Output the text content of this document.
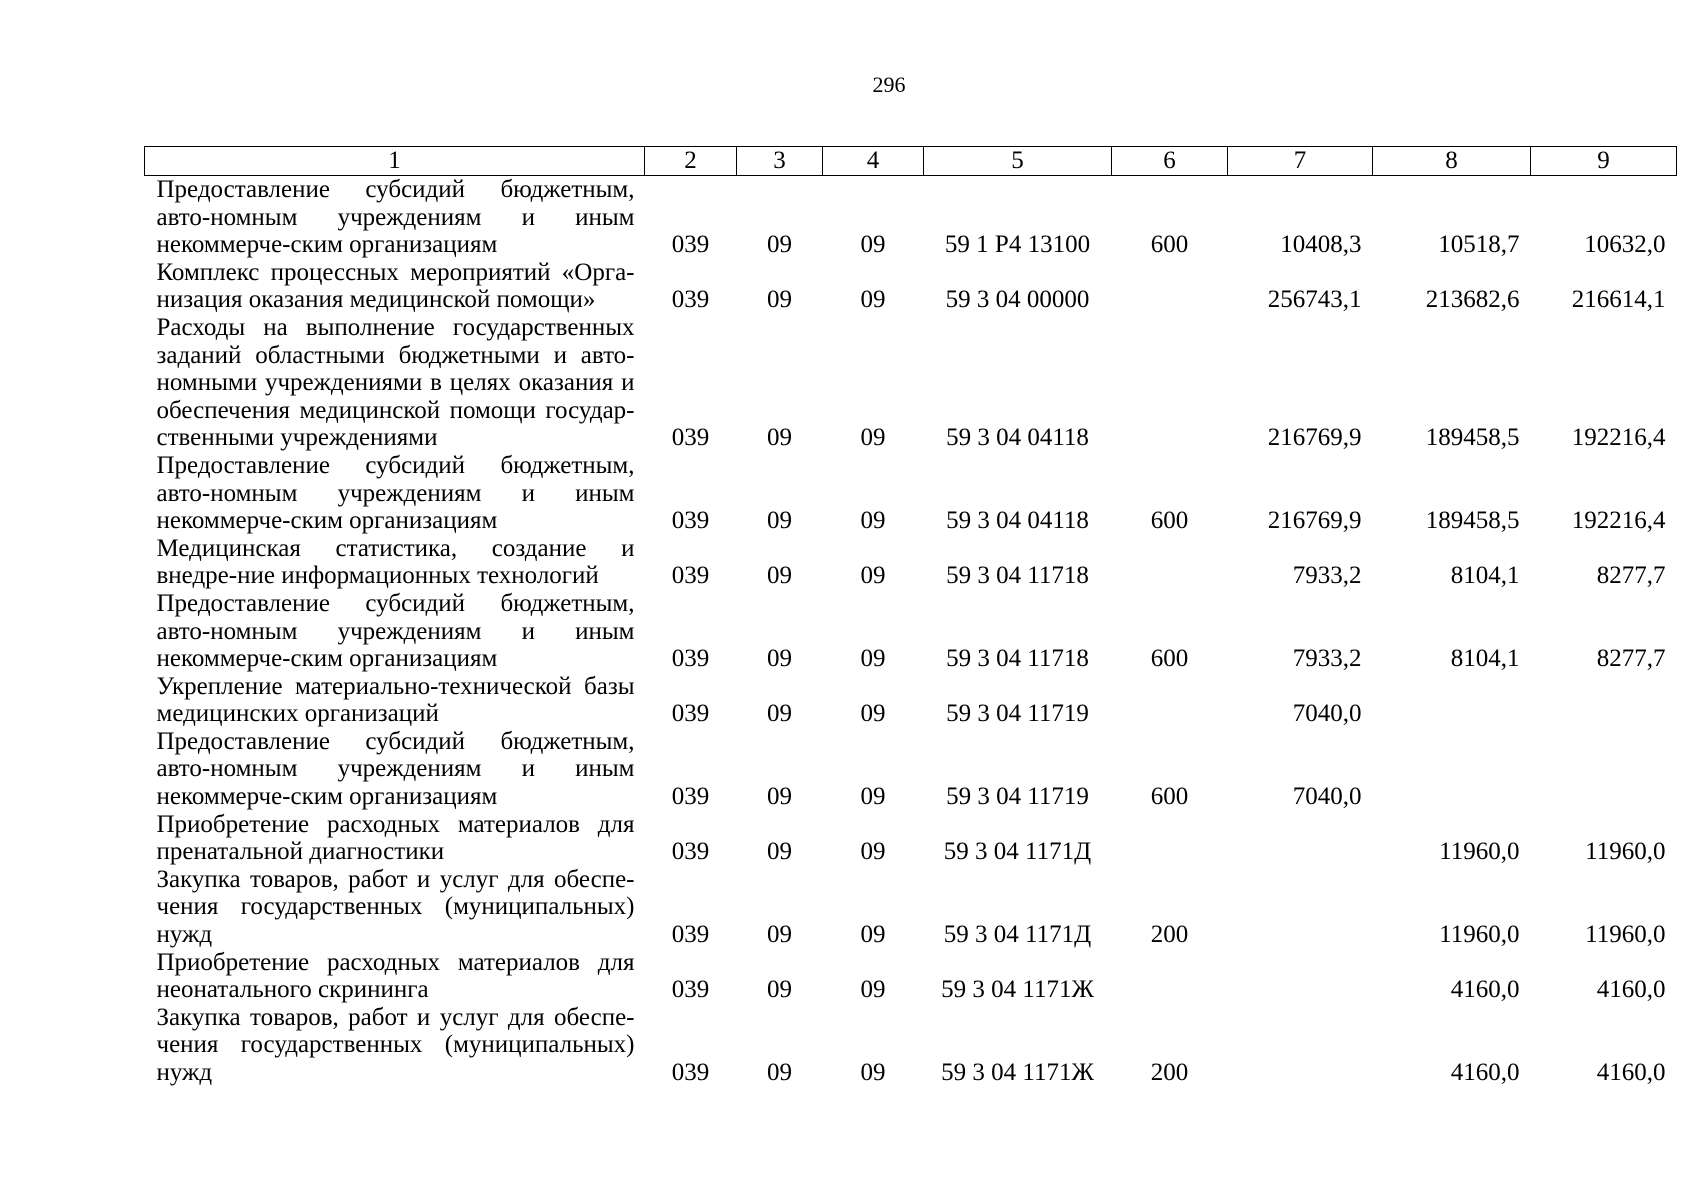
296
1	2	3	4	5	6	7	8	9
Предоставление субсидий бюджетным, авто-номным учреждениям и иным некоммерче-ским организациям	039	09	09	59 1 Р4 13100	600	10408,3	10518,7	10632,0
Комплекс процессных мероприятий «Орга-низация оказания медицинской помощи»	039	09	09	59 3 04 00000		256743,1	213682,6	216614,1
Расходы на выполнение государственных заданий областными бюджетными и авто-номными учреждениями в целях оказания и обеспечения медицинской помощи государ-ственными учреждениями	039	09	09	59 3 04 04118		216769,9	189458,5	192216,4
Предоставление субсидий бюджетным, авто-номным учреждениям и иным некоммерче-ским организациям	039	09	09	59 3 04 04118	600	216769,9	189458,5	192216,4
Медицинская статистика, создание и внедре-ние информационных технологий	039	09	09	59 3 04 11718		7933,2	8104,1	8277,7
Предоставление субсидий бюджетным, авто-номным учреждениям и иным некоммерче-ским организациям	039	09	09	59 3 04 11718	600	7933,2	8104,1	8277,7
Укрепление материально-технической базы медицинских организаций	039	09	09	59 3 04 11719		7040,0		
Предоставление субсидий бюджетным, авто-номным учреждениям и иным некоммерче-ским организациям	039	09	09	59 3 04 11719	600	7040,0		
Приобретение расходных материалов для пренатальной диагностики	039	09	09	59 3 04 1171Д			11960,0	11960,0
Закупка товаров, работ и услуг для обеспе-чения государственных (муниципальных) нужд	039	09	09	59 3 04 1171Д	200		11960,0	11960,0
Приобретение расходных материалов для неонатального скрининга	039	09	09	59 3 04 1171Ж			4160,0	4160,0
Закупка товаров, работ и услуг для обеспе-чения государственных (муниципальных) нужд	039	09	09	59 3 04 1171Ж	200		4160,0	4160,0
